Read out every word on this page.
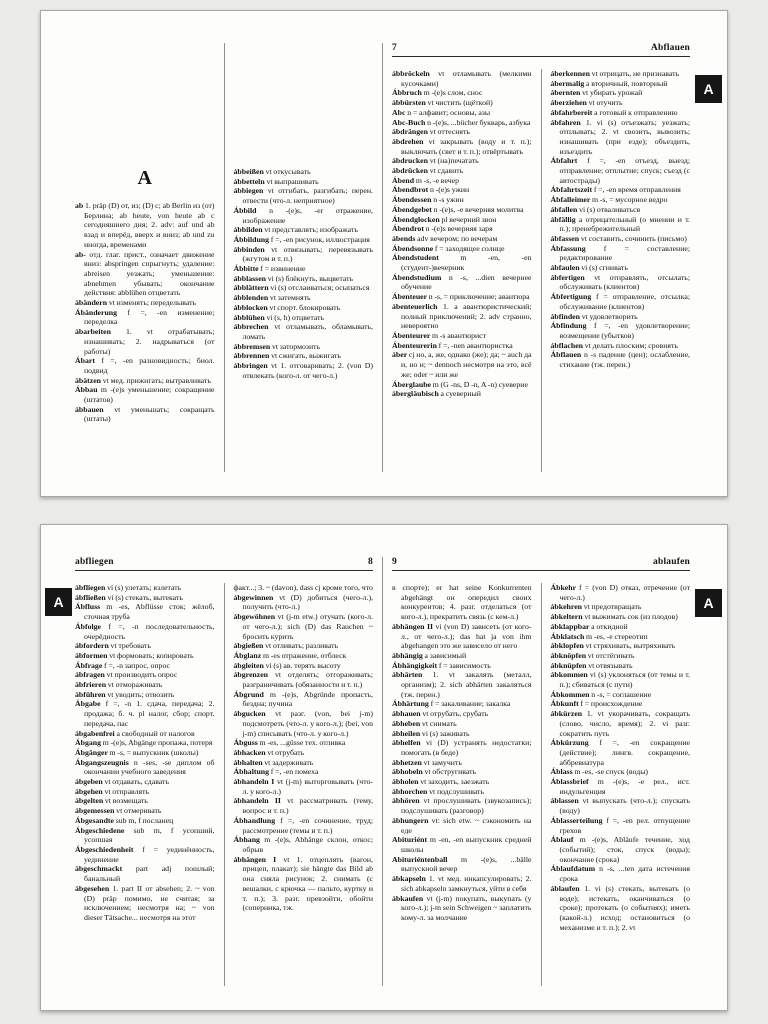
A

ab 1. präp (D) от, из; (D) с; ab Berlin из (от) Берлина; ab heute, von heute ab с сегодняшнего дня; 2. adv: auf und ab взад и вперёд, вверх и вниз; ab und zu иногда, временами

ab- отд. глаг. прист., означает движение вниз: abspringen спрыгнуть; удаление: abreisen уезжать; уменьшение: abnehmen убывать; окончание действия: abblühen отцветать

ábändern vt изменять; переделывать

Ábänderung f =, -en изменение; переделка

ábarbeiten 1. vt отрабатывать; изнашивать; 2. надрываться (от работы)

Ábart f =, -en разновидность; биол. подвид

ábätzen vt мед. прижигать; вытравливать

Ábbau m -(e)s уменьшение; сокращение (штатов)

ábbauen vt уменьшать; сокращать (штаты)

ábbeißen vt откусывать

ábbetteln vt выпрашивать

ábbiegen vt отгибать, разгибать; перен. отвести (что-л. неприятное)

Ábbild n -(e)s, -er отражение, изображение

ábbilden vt представлять; изображать

Ábbildung f =, -en рисунок, иллюстрация

ábbinden vt отвязывать; перевязывать (жгутом и т. п.)

Ábbitte f = извинение

ábblassen vi (s) блёкнуть, выцветать

ábblättern vi (s) отслаиваться; осыпаться

ábblenden vt затемнять

ábblocken vt спорт. блокировать

ábblühen vi (s, h) отцветать

ábbrechen vt отламывать, обламывать, ломать

ábbremsen vt затормозить

ábbrennen vt сжигать, выжигать

ábbringen vt 1. отговаривать; 2. (von D) отвлекать (кого-л. от чего-л.)

7	Abflauen

ábbröckeln vt отламывать (мелкими кусочками)

Ábbruch m -(e)s слом, снос

ábbürsten vt чистить (щёткой)

Abc n = алфавит; основы, азы

Abc-Buch n -(e)s, ...bücher букварь, азбука

ábdrängen vt оттеснять

ábdrehen vt закрывать (воду и т. п.); выключать (свет и т. п.); отвёртывать

ábdrucken vt (на)печатать

ábdrücken vt сдавить

Ábend m -s, -e вечер

Ábendbrot n -(e)s ужин

Ábendessen n -s ужин

Ábendgebet n -(e)s, -e вечерняя молитва

Ábendglocken pl вечерний звон

Ábendrot n -(e)s вечерняя заря

ábends adv вечером; по вечерам

Ábendsonne f = заходящее солнце

Ábendstudent m -en, -en (студент-)вечерник

Ábendstudium n -s, ...dien вечернее обучение

Ábenteuer n -s, = приключение; авантюра

ábenteuerlich 1. a авантюристический; полный приключений; 2. adv странно, невероятно

Ábenteurer m -s авантюрист

Ábenteurerin f =, -nen авантюристка

áber cj но, а, же, однако (же); да; ~ auch да и, но и; ~ dennoch несмотря на это, всё же; oder ~ или же

Áberglaube m (G -ns, D -n, A -n) суеверие

ábergläubisch a суеверный

áberkennen vt отрицать, не признавать

ábermalig a вторичный, повторный

ábernten vt убирать урожай

áberziehen vt отучить

ábfahrbereit a готовый к отправлению

ábfahren 1. vi (s) отъезжать; уезжать; отплывать; 2. vt свозить, вывозить; изнашивать (при езде); объездить, изъездить

Ábfahrt f =, -en отъезд, выезд; отправление; отплытие; спуск; съезд (с автострады)

Ábfahrtszeit f =, -en время отправления

Ábfalleimer m -s, = мусорное ведро

ábfallen vi (s) отваливаться

ábfällig a отрицательный (о мнении и т. п.); пренебрежительный

ábfassen vt составить, сочинить (письмо)

Ábfassung f = составление; редактирование

ábfaulen vi (s) сгнивать

ábfertigen vt отправлять, отсылать; обслуживать (клиентов)

Ábfertigung f = отправление, отсылка; обслуживание (клиентов)

ábfinden vt удовлетворить

Ábfindung f =, -en удовлетворение; возмещение (убытков)

ábflachen vt делать плоским; сровнять

Ábflauen n -s падение (цен); ослабление, стихание (тж. перен.)

A
abfliegen	8

ábfliegen vi (s) улетать; взлетать

ábfließen vi (s) стекать, вытекать

Ábfluss m -es, Abflüsse сток; жёлоб, сточная труба

Ábfolge f =, -n последовательность, очерёдность

ábfordern vt требовать

ábformen vt формовать; копировать

Ábfrage f =, -n запрос, опрос

ábfragen vt производить опрос

ábfrieren vt отмораживать

ábführen vt уводить; отвозить

Ábgabe f =, -n 1. сдача, передача; 2. продажа; б. ч. pl налог, сбор; спорт. передача, пас

ábgabenfrei a свободный от налогов

Ábgang m -(e)s, Abgänge пропажа, потеря

Ábgänger m -s, = выпускник (школы)

Ábgangszeugnis n -ses, -se диплом об окончании учебного заведения

ábgeben vt отдавать, сдавать

ábgehen vt отправлять

ábgelten vt возмещать

ábgemessen vt отмеривать

Ábgesandte sub m, f посланец

Ábgeschiedene sub m, f усопший, усопшая

Ábgeschiedenheit f = уединённость, уединение

ábgeschmackt part adj пошлый; банальный

ábgesehen 1. part II от absehen; 2. ~ von (D) präp помимо, не считая; за исключением; несмотря на; ~ von dieser Tätsache... несмотря на этот

факт...; 3. ~ (davon), dass cj кроме того, что

ábgewinnen vt (D) добиться (чего-л.), получить (что-л.)

ábgewöhnen vt (j-m etw.) отучать (кого-л. от чего-л.); sich (D) das Rauchen ~ бросить курить

ábgießen vt отливать; разливать

Ábglanz m -es отражение, отблеск

ábgleiten vi (s) ав. терять высоту

ábgrenzen vt отделять; отгораживать; разграничивать (обязанности и т. п.)

Ábgrund m -(e)s, Abgründe пропасть, бездна; пучина

ábgucken vt разг. (von, bei j-m) подсмотреть (что-л. у кого-л.); (bei, von j-m) списывать (что-л. у кого-л.)

Ábguss m -es, ...güsse тех. отливка

ábhacken vt отрубать

ábhalten vt задерживать

Ábhaltung f =, -en помеха

ábhandeln I vt (j-m) выторговывать (что-л. у кого-л.)

ábhandeln II vt рассматривать (тему, вопрос и т. п.)

Ábhandlung f =, -en сочинение, труд; рассмотрение (темы и т. п.)

Ábhang m -(e)s, Abhänge склон, откос; обрыв

ábhängen I vt 1. отцеплять (вагон, прицеп, плакат); sie hängte das Bild ab она сняла рисунок; 2. снимать (с вешалки, с крючка — пальто, куртку и т. п.); 3. разг. превзойти, обойти (соперника, тж.

9	ablaufen

в спорте); er hat seine Konkurrenten abgehängt он опередил своих конкурентов; 4. разг. отделаться (от кого-л.), прекратить связь (с кем-л.)

ábhängen II vi (von D) зависеть (от кого-л., от чего-л.); das hat ja von ihm abgehangen это же зависело от него

ábhängig a зависимый

Ábhängigkeit f = зависимость

ábhärten 1. vt закалять (металл, организм); 2. sich abhärten закаляться (тж. перен.)

Ábhärtung f = закаливание; закалка

ábhauen vt отрубать, срубать

ábheben vt снимать

ábheilen vi (s) заживать

ábhelfen vi (D) устранять недостатки; помогать (в беде)

ábhetzen vt замучить

ábhobeln vt обстругивать

ábholen vt заходить, заезжать

ábhorchen vt подслушивать

ábhören vt прослушивать (звукозапись); подслушивать (разговор)

ábhungern vt: sich etw. ~ сэкономить на еде

Abituriént m -en, -en выпускник средней школы

Abituriéntenball m -(e)s, ...bälle выпускной вечер

ábkapseln 1. vt мед. инкапсулировать; 2. sich abkapseln замкнуться, уйти в себя

ábkaufen vt (j-m) покупать, выкупать (у кого-л.); j-m sein Schweigen ~ заплатить кому-л. за молчание

Ábkehr f = (von D) отказ, отречение (от чего-л.)

ábkehren vt предотвращать

ábkeltern vt выжимать сок (из плодов)

ábklappbar a откидной

Ábklatsch m -es, -e стереотип

ábklopfen vt стряхивать, вытряхивать

ábknöpfen vt отстёгивать

ábknüpfen vt отвязывать

ábkommen vi (s) уклоняться (от темы и т. п.); сбиваться (с пути)

Ábkommen n -s, = соглашение

Ábkunft f = происхождение

ábkürzen 1. vt укорачивать, сокращать (слово, число, время); 2. vi разг. сократить путь

Ábkürzung f =, -en сокращение (действие); лингв. сокращение, аббревиатура

Áblass m -es, -se спуск (воды)

Áblassbrief m -(e)s, -e рел., ист. индульгенция

áblassen vt выпускать (что-л.); спускать (воду)

Áblasserteilung f =, -en рел. отпущение грехов

Áblauf m -(e)s, Abläufe течение, ход (событий); сток, спуск (воды); окончание (срока)

Áblaufdatum n -s, ...ten дата истечения срока

áblaufen 1. vi (s) стекать, вытекать (о воде); истекать, оканчиваться (о сроке); протекать (о событиях); иметь (какой-л.) исход; остановиться (о механизме и т. п.); 2. vt

A	A
